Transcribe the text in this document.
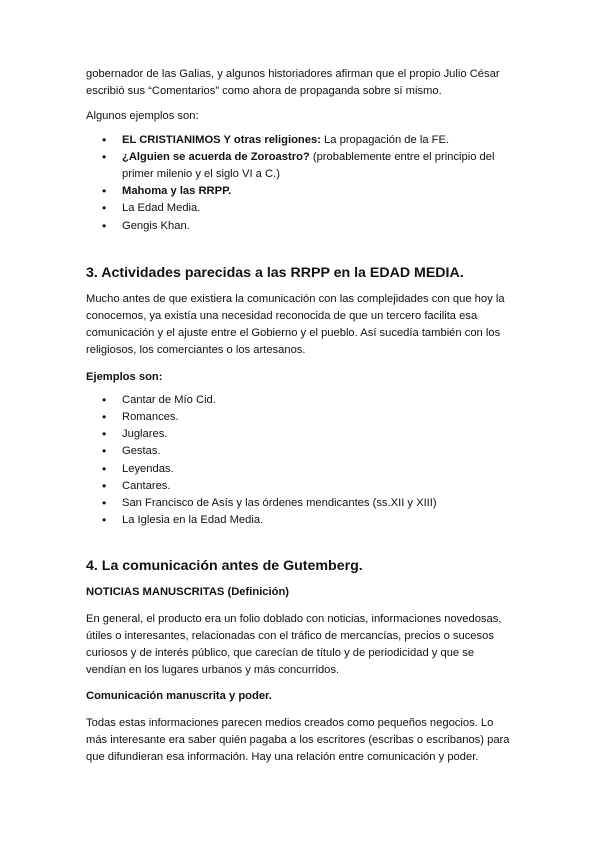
gobernador de las Galias, y algunos historiadores afirman que el propio Julio César escribió sus “Comentarios” como ahora de propaganda sobre sí mismo.

Algunos ejemplos son:

• EL CRISTIANIMOS Y otras religiones: La propagación de la FE.
• ¿Alguien se acuerda de Zoroastro? (probablemente entre el principio del primer milenio y el siglo VI a C.)
• Mahoma y las RRPP.
• La Edad Media.
• Gengis Khan.

3. Actividades parecidas a las RRPP en la EDAD MEDIA.

Mucho antes de que existiera la comunicación con las complejidades con que hoy la conocemos, ya existía una necesidad reconocida de que un tercero facilita esa comunicación y el ajuste entre el Gobierno y el pueblo. Así sucedía también con los religiosos, los comerciantes o los artesanos.

Ejemplos son:

• Cantar de Mío Cid.
• Romances.
• Juglares.
• Gestas.
• Leyendas.
• Cantares.
• San Francisco de Asís y las órdenes mendicantes (ss.XII y XIII)
• La Iglesia en la Edad Media.

4. La comunicación antes de Gutemberg.

NOTICIAS MANUSCRITAS (Definición)

En general, el producto era un folio doblado con noticias, informaciones novedosas, útiles o interesantes, relacionadas con el tráfico de mercancías, precios o sucesos curiosos y de interés público, que carecían de título y de periodicidad y que se vendían en los lugares urbanos y más concurridos.

Comunicación manuscrita y poder.

Todas estas informaciones parecen medios creados como pequeños negocios. Lo más interesante era saber quién pagaba a los escritores (escribas o escribanos) para que difundieran esa información. Hay una relación entre comunicación y poder.
